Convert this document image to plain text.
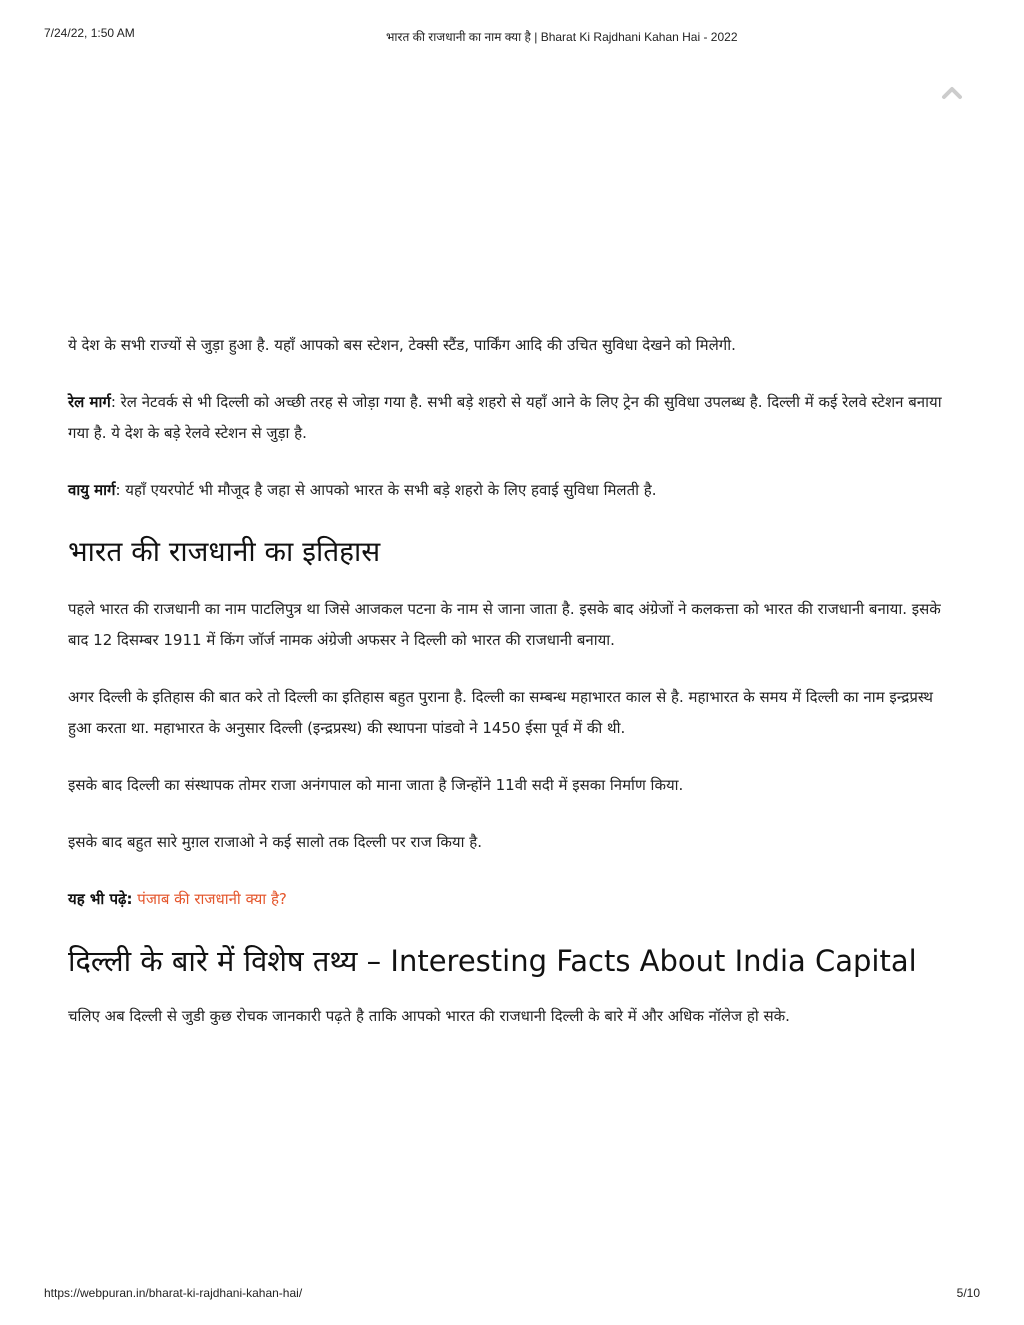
7/24/22, 1:50 AM	भारत की राजधानी का नाम क्या है | Bharat Ki Rajdhani Kahan Hai - 2022

ये देश के सभी राज्यों से जुड़ा हुआ है. यहाँ आपको बस स्टेशन, टेक्सी स्टैंड, पार्किंग आदि की उचित सुविधा देखने को मिलेगी.

रेल मार्ग: रेल नेटवर्क से भी दिल्ली को अच्छी तरह से जोड़ा गया है. सभी बड़े शहरो से यहाँ आने के लिए ट्रेन की सुविधा उपलब्ध है. दिल्ली में कई रेलवे स्टेशन बनाया गया है. ये देश के बड़े रेलवे स्टेशन से जुड़ा है.

वायु मार्ग: यहाँ एयरपोर्ट भी मौजूद है जहा से आपको भारत के सभी बड़े शहरो के लिए हवाई सुविधा मिलती है.

भारत की राजधानी का इतिहास

पहले भारत की राजधानी का नाम पाटलिपुत्र था जिसे आजकल पटना के नाम से जाना जाता है. इसके बाद अंग्रेजों ने कलकत्ता को भारत की राजधानी बनाया. इसके बाद 12 दिसम्बर 1911 में किंग जॉर्ज नामक अंग्रेजी अफसर ने दिल्ली को भारत की राजधानी बनाया.

अगर दिल्ली के इतिहास की बात करे तो दिल्ली का इतिहास बहुत पुराना है. दिल्ली का सम्बन्ध महाभारत काल से है. महाभारत के समय में दिल्ली का नाम इन्द्रप्रस्थ हुआ करता था. महाभारत के अनुसार दिल्ली (इन्द्रप्रस्थ) की स्थापना पांडवो ने 1450 ईसा पूर्व में की थी.

इसके बाद दिल्ली का संस्थापक तोमर राजा अनंगपाल को माना जाता है जिन्होंने 11वी सदी में इसका निर्माण किया.

इसके बाद बहुत सारे मुग़ल राजाओ ने कई सालो तक दिल्ली पर राज किया है.

यह भी पढ़े: पंजाब की राजधानी क्या है?

दिल्ली के बारे में विशेष तथ्य – Interesting Facts About India Capital

चलिए अब दिल्ली से जुडी कुछ रोचक जानकारी पढ़ते है ताकि आपको भारत की राजधानी दिल्ली के बारे में और अधिक नॉलेज हो सके.

https://webpuran.in/bharat-ki-rajdhani-kahan-hai/	5/10
